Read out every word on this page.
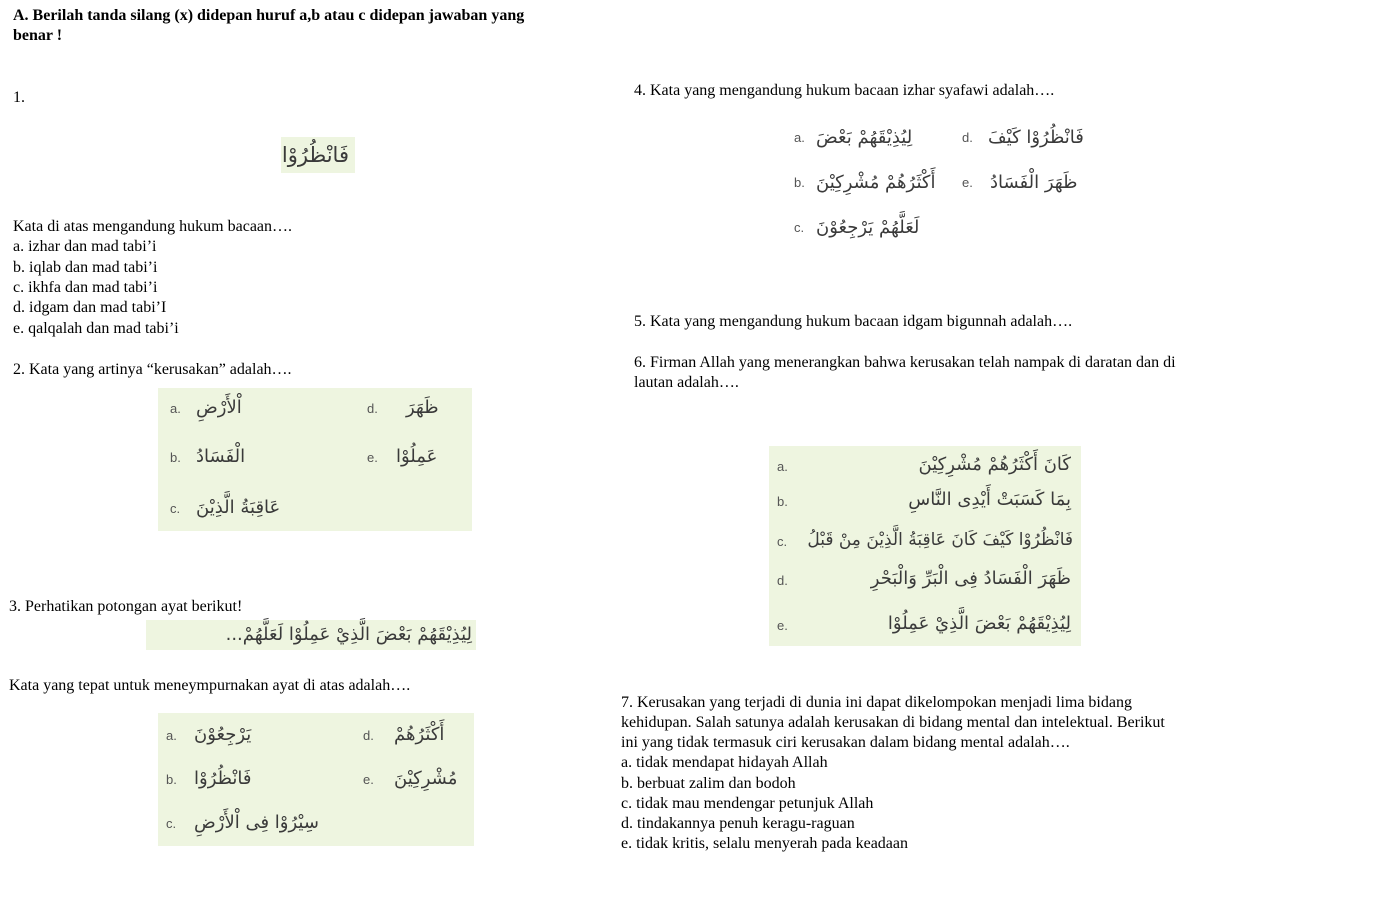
A. Berilah tanda silang (x) didepan huruf a,b atau c didepan jawaban yang
benar !
1.
فَانْظُرُوْا
Kata di atas mengandung hukum bacaan….
a. izhar dan mad tabi’i
b. iqlab dan mad tabi’i
c. ikhfa dan mad tabi’i
d. idgam dan mad tabi’I
e. qalqalah dan mad tabi’i
2. Kata yang artinya “kerusakan” adalah….
a. اْلأَرْضِ
b. الْفَسَادُ
c. عَاقِبَةُ الَّذِيْنَ
d. ظَهَرَ
e. عَمِلُوْا
3. Perhatikan potongan ayat berikut!
لِيُذِيْقَهُمْ بَعْضَ الَّذِيْ عَمِلُوْا لَعَلَّهُمْ...
Kata yang tepat untuk meneympurnakan ayat di atas adalah….
a. يَرْجِعُوْنَ
b. فَانْظُرُوْا
c. سِيْرُوْا فِى اْلأَرْضِ
d. أَكْثَرُهُمْ
e. مُشْرِكِيْنَ
4. Kata yang mengandung hukum bacaan izhar syafawi adalah….
a. لِيُذِيْقَهُمْ بَعْضَ
b. أَكْثَرُهُمْ مُشْرِكِيْنَ
c. لَعَلَّهُمْ يَرْجِعُوْنَ
d. فَانْظُرُوْا كَيْفَ
e. ظَهَرَ الْفَسَادُ
5. Kata yang mengandung hukum bacaan idgam bigunnah adalah….
6. Firman Allah yang menerangkan bahwa kerusakan telah nampak di daratan dan di
lautan adalah….
a.	كَانَ أَكْثَرُهُمْ مُشْرِكِيْنَ
b.	بِمَا كَسَبَتْ أَيْدِى النَّاسِ
c. فَانْظُرُوْا كَيْفَ كَانَ عَاقِبَةُ الَّذِيْنَ مِنْ قَبْلُ
d.	ظَهَرَ الْفَسَادُ فِى الْبَرِّ وَالْبَحْرِ
e.	لِيُذِيْقَهُمْ بَعْضَ الَّذِيْ عَمِلُوْا
7. Kerusakan yang terjadi di dunia ini dapat dikelompokan menjadi lima bidang
kehidupan. Salah satunya adalah kerusakan di bidang mental dan intelektual. Berikut
ini yang tidak termasuk ciri kerusakan dalam bidang mental adalah….
a. tidak mendapat hidayah Allah
b. berbuat zalim dan bodoh
c. tidak mau mendengar petunjuk Allah
d. tindakannya penuh keragu-raguan
e. tidak kritis, selalu menyerah pada keadaan
